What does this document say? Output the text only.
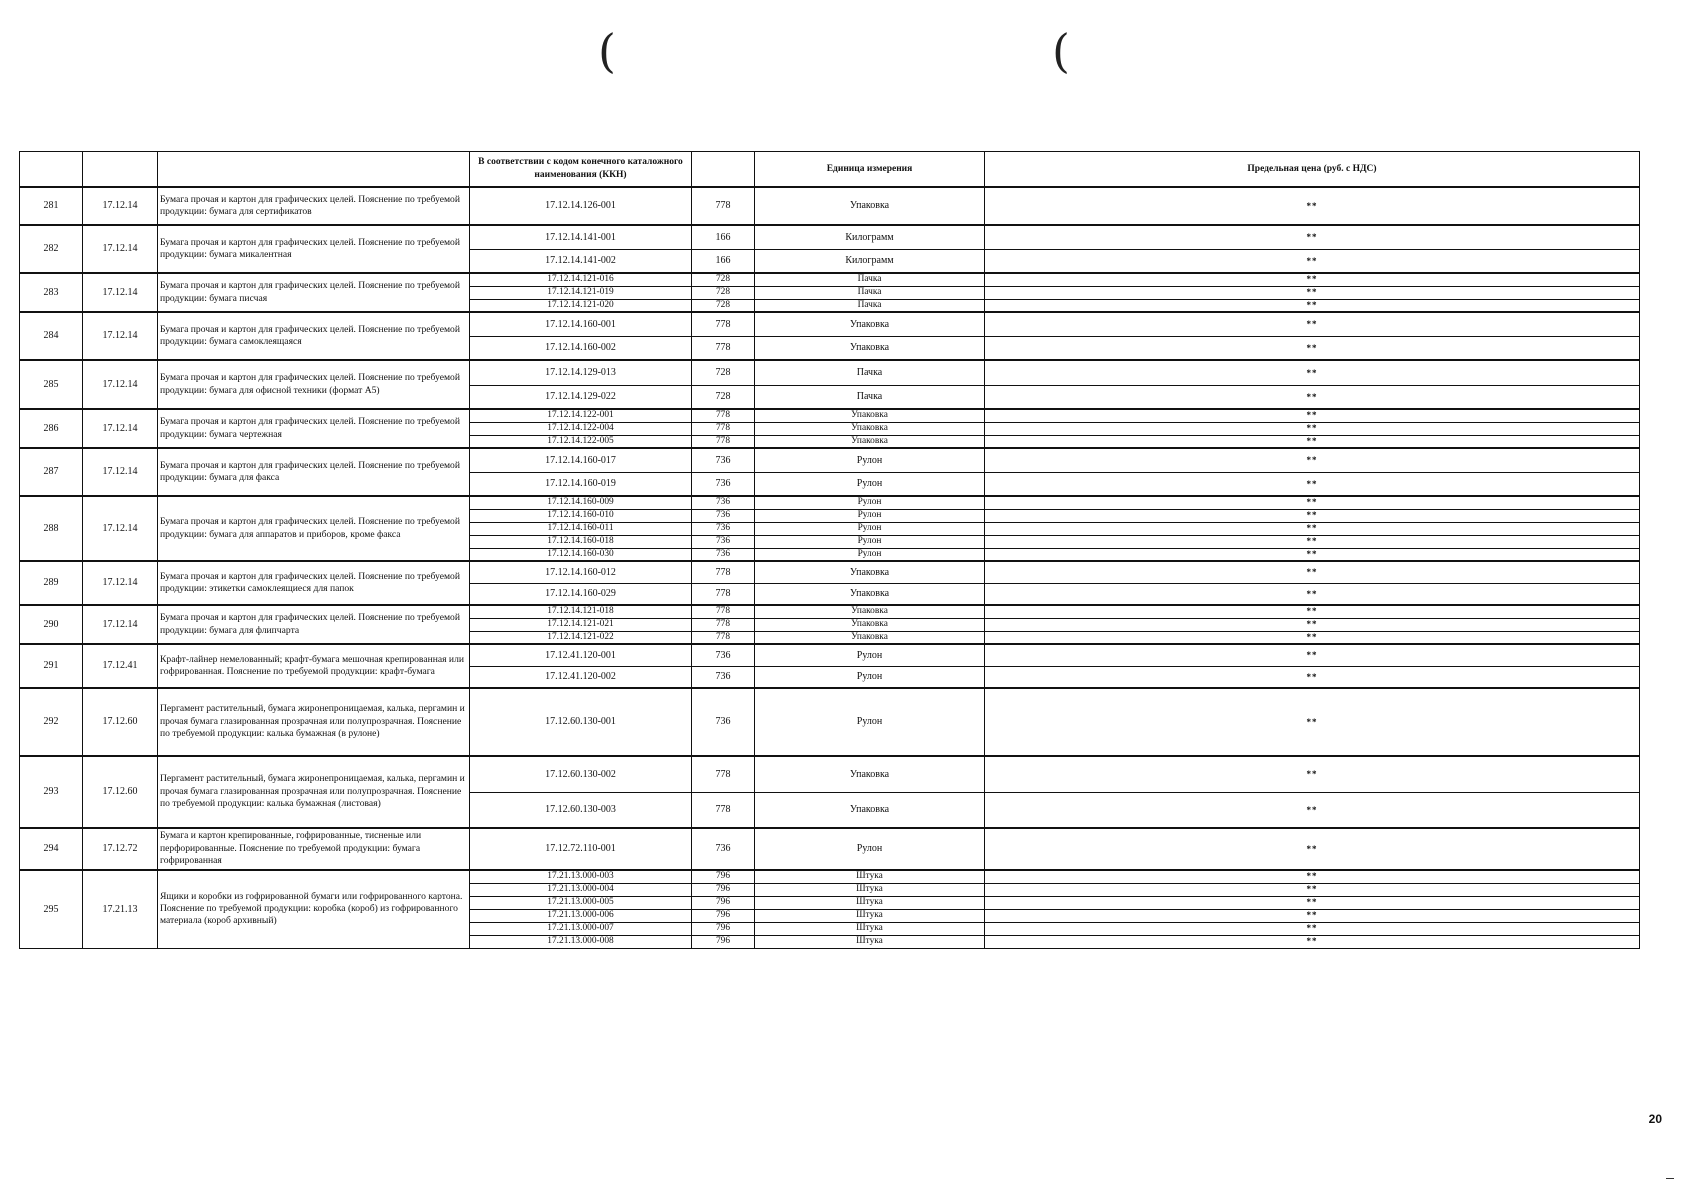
(	(
			В соответствии с кодом конечного каталожного наименования (ККН)		Единица измерения	Предельная цена (руб. с НДС)
281	17.12.14	Бумага прочая и картон для графических целей. Пояснение по требуемой продукции: бумага для сертификатов	17.12.14.126-001	778	Упаковка	**
282	17.12.14	Бумага прочая и картон для графических целей. Пояснение по требуемой продукции: бумага микалентная	17.12.14.141-001	166	Килограмм	**
			17.12.14.141-002	166	Килограмм	**
283	17.12.14	Бумага прочая и картон для графических целей. Пояснение по требуемой продукции: бумага писчая	17.12.14.121-016	728	Пачка	**
			17.12.14.121-019	728	Пачка	**
			17.12.14.121-020	728	Пачка	**
284	17.12.14	Бумага прочая и картон для графических целей. Пояснение по требуемой продукции: бумага самоклеящаяся	17.12.14.160-001	778	Упаковка	**
			17.12.14.160-002	778	Упаковка	**
285	17.12.14	Бумага прочая и картон для графических целей. Пояснение по требуемой продукции: бумага для офисной техники (формат А5)	17.12.14.129-013	728	Пачка	**
			17.12.14.129-022	728	Пачка	**
286	17.12.14	Бумага прочая и картон для графических целей. Пояснение по требуемой продукции: бумага чертежная	17.12.14.122-001	778	Упаковка	**
			17.12.14.122-004	778	Упаковка	**
			17.12.14.122-005	778	Упаковка	**
287	17.12.14	Бумага прочая и картон для графических целей. Пояснение по требуемой продукции: бумага для факса	17.12.14.160-017	736	Рулон	**
			17.12.14.160-019	736	Рулон	**
288	17.12.14	Бумага прочая и картон для графических целей. Пояснение по требуемой продукции: бумага для аппаратов и приборов, кроме факса	17.12.14.160-009	736	Рулон	**
			17.12.14.160-010	736	Рулон	**
			17.12.14.160-011	736	Рулон	**
			17.12.14.160-018	736	Рулон	**
			17.12.14.160-030	736	Рулон	**
289	17.12.14	Бумага прочая и картон для графических целей. Пояснение по требуемой продукции: этикетки самоклеящиеся для папок	17.12.14.160-012	778	Упаковка	**
			17.12.14.160-029	778	Упаковка	**
290	17.12.14	Бумага прочая и картон для графических целей. Пояснение по требуемой продукции: бумага для флипчарта	17.12.14.121-018	778	Упаковка	**
			17.12.14.121-021	778	Упаковка	**
			17.12.14.121-022	778	Упаковка	**
291	17.12.41	Крафт-лайнер немелованный; крафт-бумага мешочная крепированная или гофрированная. Пояснение по требуемой продукции: крафт-бумага	17.12.41.120-001	736	Рулон	**
			17.12.41.120-002	736	Рулон	**
292	17.12.60	Пергамент растительный, бумага жиронепроницаемая, калька, пергамин и прочая бумага глазированная прозрачная или полупрозрачная. Пояснение по требуемой продукции: калька бумажная (в рулоне)	17.12.60.130-001	736	Рулон	**
293	17.12.60	Пергамент растительный, бумага жиронепроницаемая, калька, пергамин и прочая бумага глазированная прозрачная или полупрозрачная. Пояснение по требуемой продукции: калька бумажная (листовая)	17.12.60.130-002	778	Упаковка	**
			17.12.60.130-003	778	Упаковка	**
294	17.12.72	Бумага и картон крепированные, гофрированные, тисненые или перфорированные. Пояснение по требуемой продукции: бумага гофрированная	17.12.72.110-001	736	Рулон	**
295	17.21.13	Ящики и коробки из гофрированной бумаги или гофрированного картона. Пояснение по требуемой продукции: коробка (короб) из гофрированного материала (короб архивный)	17.21.13.000-003	796	Штука	**
			17.21.13.000-004	796	Штука	**
			17.21.13.000-005	796	Штука	**
			17.21.13.000-006	796	Штука	**
			17.21.13.000-007	796	Штука	**
			17.21.13.000-008	796	Штука	**
20
